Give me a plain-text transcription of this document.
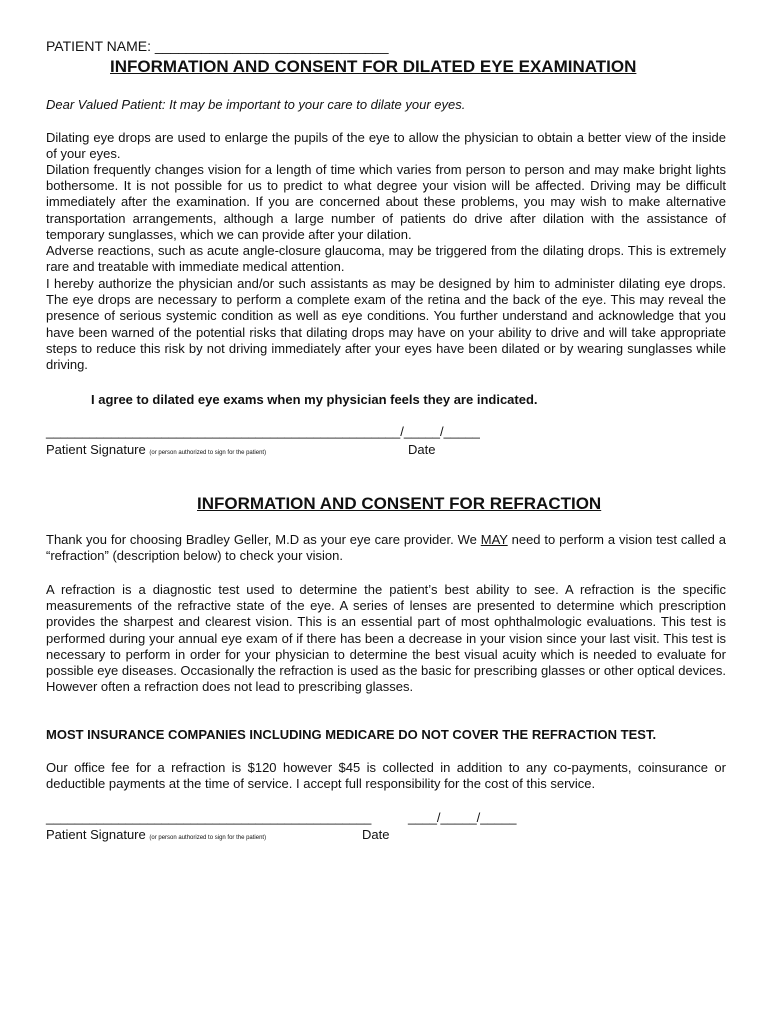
PATIENT NAME: ______________________________
INFORMATION AND CONSENT FOR DILATED EYE EXAMINATION
Dear Valued Patient: It may be important to your care to dilate your eyes.
Dilating eye drops are used to enlarge the pupils of the eye to allow the physician to obtain a better view of the inside of your eyes.
Dilation frequently changes vision for a length of time which varies from person to person and may make bright lights bothersome. It is not possible for us to predict to what degree your vision will be affected. Driving may be difficult immediately after the examination. If you are concerned about these problems, you may wish to make alternative transportation arrangements, although a large number of patients do drive after dilation with the assistance of temporary sunglasses, which we can provide after your dilation.
Adverse reactions, such as acute angle-closure glaucoma, may be triggered from the dilating drops. This is extremely rare and treatable with immediate medical attention.
I hereby authorize the physician and/or such assistants as may be designed by him to administer dilating eye drops. The eye drops are necessary to perform a complete exam of the retina and the back of the eye. This may reveal the presence of serious systemic condition as well as eye conditions. You further understand and acknowledge that you have been warned of the potential risks that dilating drops may have on your ability to drive and will take appropriate steps to reduce this risk by not driving immediately after your eyes have been dilated or by wearing sunglasses while driving.
I agree to dilated eye exams when my physician feels they are indicated.
_________________________________________________/_____/_____
Patient Signature (or person authorized to sign for the patient)	Date
INFORMATION AND CONSENT FOR REFRACTION
Thank you for choosing Bradley Geller, M.D as your eye care provider. We MAY need to perform a vision test called a “refraction” (description below) to check your vision.
A refraction is a diagnostic test used to determine the patient’s best ability to see. A refraction is the specific measurements of the refractive state of the eye. A series of lenses are presented to determine which prescription provides the sharpest and clearest vision. This is an essential part of most ophthalmologic evaluations. This test is performed during your annual eye exam of if there has been a decrease in your vision since your last visit. This test is necessary to perform in order for your physician to determine the best visual acuity which is needed to evaluate for possible eye diseases. Occasionally the refraction is used as the basic for prescribing glasses or other optical devices. However often a refraction does not lead to prescribing glasses.
MOST INSURANCE COMPANIES INCLUDING MEDICARE DO NOT COVER THE REFRACTION TEST.
Our office fee for a refraction is $120 however $45 is collected in addition to any co-payments, coinsurance or deductible payments at the time of service. I accept full responsibility for the cost of this service.
_____________________________________________	____/_____/_____
Patient Signature (or person authorized to sign for the patient)	Date
